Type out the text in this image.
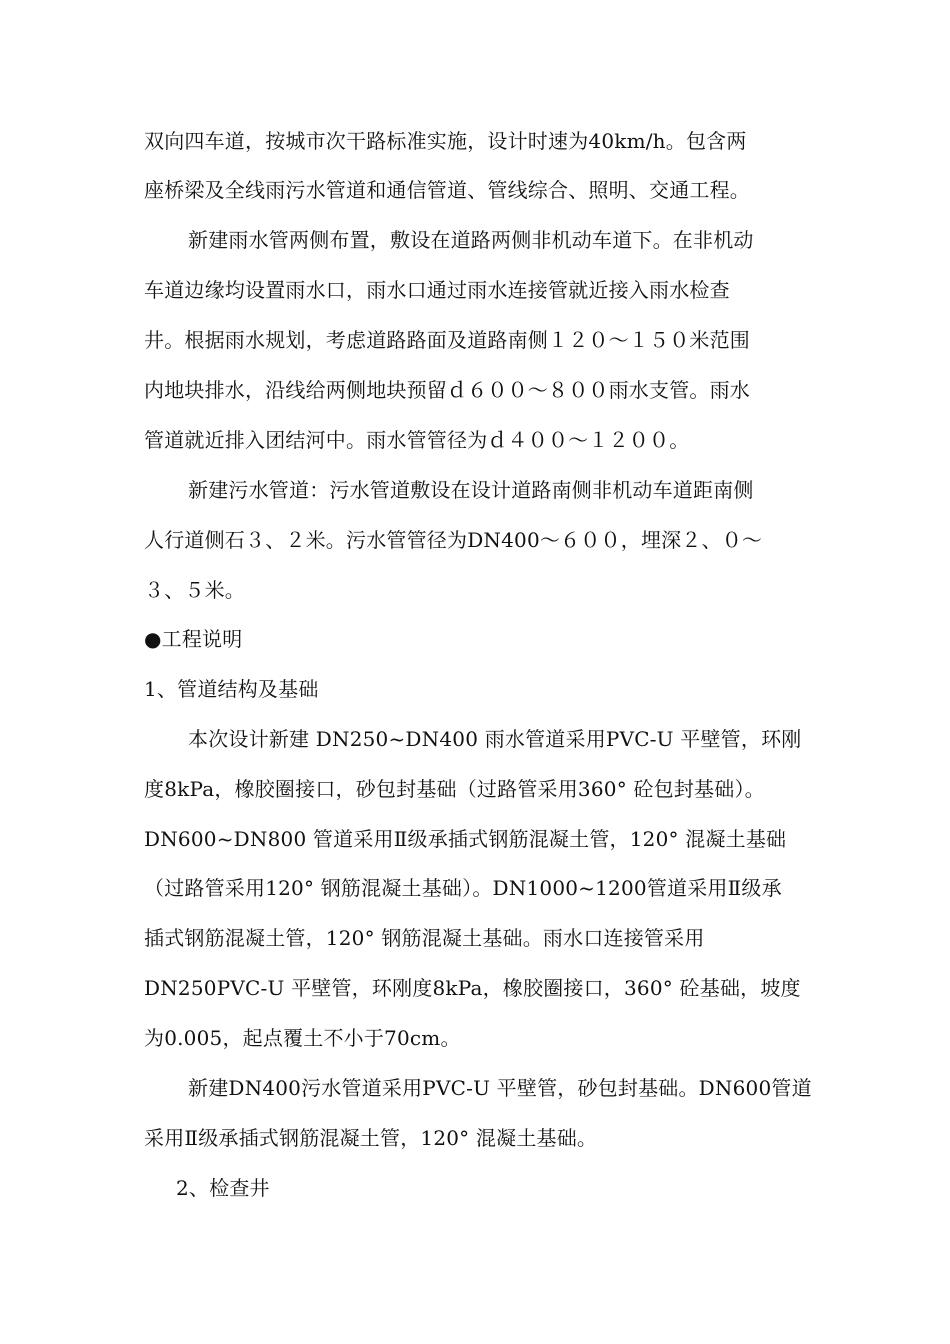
双向四车道，按城市次干路标准实施，设计时速为40km/h。包含两
座桥梁及全线雨污水管道和通信管道、管线综合、照明、交通工程。
新建雨水管两侧布置，敷设在道路两侧非机动车道下。在非机动
车道边缘均设置雨水口，雨水口通过雨水连接管就近接入雨水检查
井。根据雨水规划，考虑道路路面及道路南侧１２０～１５０米范围
内地块排水，沿线给两侧地块预留ｄ６００～８００雨水支管。雨水
管道就近排入团结河中。雨水管管径为ｄ４００～１２００。
新建污水管道：污水管道敷设在设计道路南侧非机动车道距南侧
人行道侧石３、２米。污水管管径为DN400～６００，埋深２、０～
３、５米。
●工程说明
1、管道结构及基础
本次设计新建 DN250~DN400 雨水管道采用PVC-U 平壁管，环刚
度8kPa，橡胶圈接口，砂包封基础（过路管采用360° 砼包封基础）。
DN600~DN800 管道采用Ⅱ级承插式钢筋混凝土管，120° 混凝土基础
（过路管采用120° 钢筋混凝土基础）。DN1000~1200管道采用Ⅱ级承
插式钢筋混凝土管，120° 钢筋混凝土基础。雨水口连接管采用
DN250PVC-U 平壁管，环刚度8kPa，橡胶圈接口，360° 砼基础，坡度
为0.005，起点覆土不小于70cm。
新建DN400污水管道采用PVC-U 平壁管，砂包封基础。DN600管道
采用Ⅱ级承插式钢筋混凝土管，120° 混凝土基础。
2、检查井
